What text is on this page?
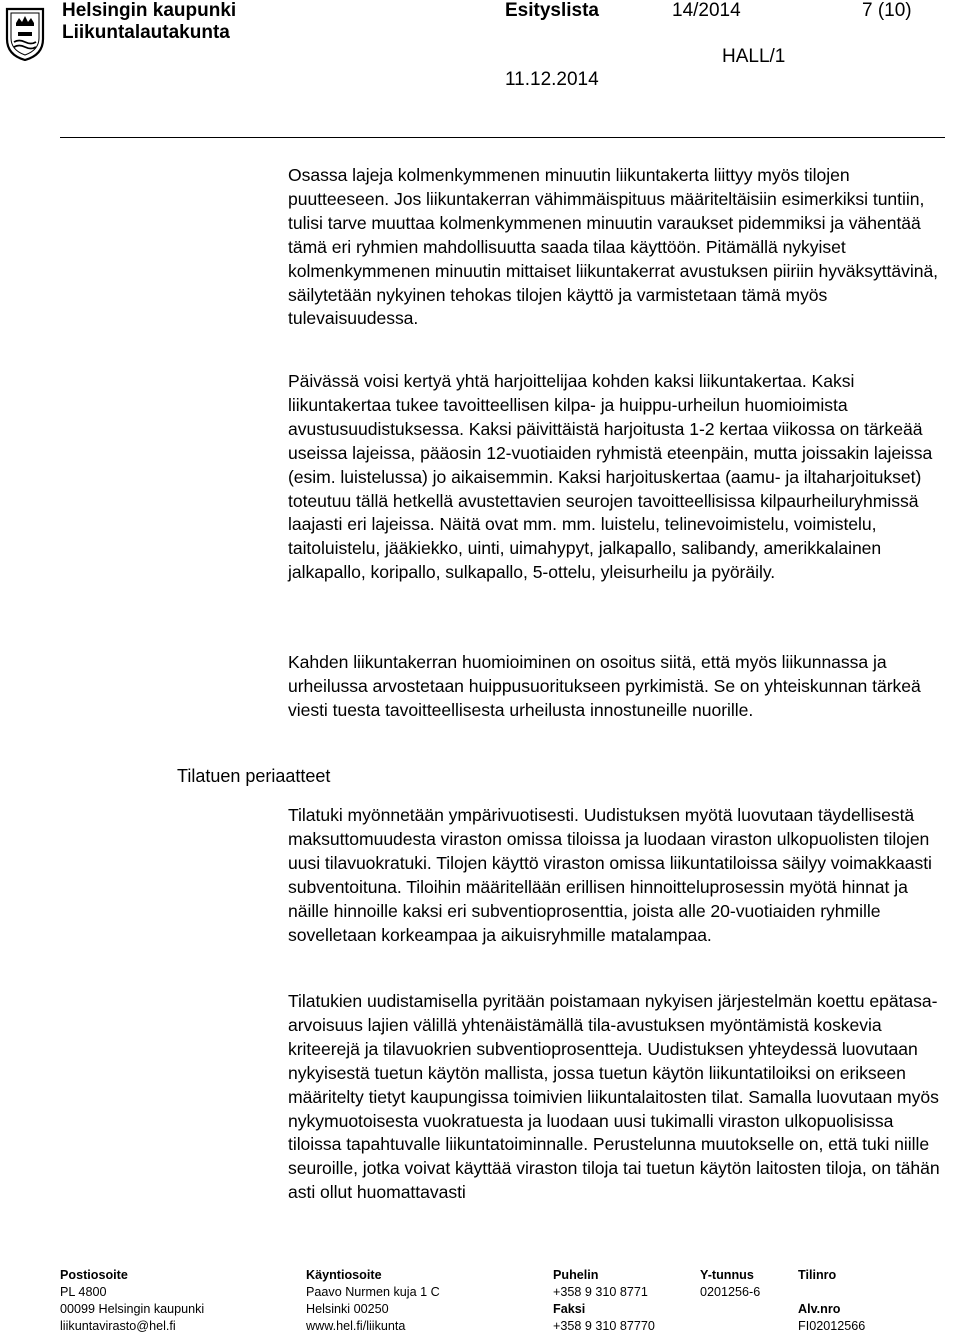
Helsingin kaupunki
Liikuntalautakunta
Esityslista	14/2014	7 (10)
HALL/1
11.12.2014
Tilatuen periaatteet

Osassa lajeja kolmenkymmenen minuutin liikuntakerta liittyy myös tilojen puutteeseen. Jos liikuntakerran vähimmäispituus määriteltäisiin esimerkiksi tuntiin, tulisi tarve muuttaa kolmenkymmenen minuutin varaukset pidemmiksi ja vähentää tämä eri ryhmien mahdollisuutta saada tilaa käyttöön. Pitämällä nykyiset kolmenkymmenen minuutin mittaiset liikuntakerrat avustuksen piiriin hyväksyttävinä, säilytetään nykyinen tehokas tilojen käyttö ja varmistetaan tämä myös tulevaisuudessa.

Päivässä voisi kertyä yhtä harjoittelijaa kohden kaksi liikuntakertaa. Kaksi liikuntakertaa tukee tavoitteellisen kilpa- ja huippu-urheilun huomioimista avustusuudistuksessa. Kaksi päivittäistä harjoitusta 1-2 kertaa viikossa on tärkeää useissa lajeissa, pääosin 12-vuotiaiden ryhmistä eteenpäin, mutta joissakin lajeissa (esim. luistelussa) jo aikaisemmin. Kaksi harjoituskertaa (aamu- ja iltaharjoitukset) toteutuu tällä hetkellä avustettavien seurojen tavoitteellisissa kilpaurheiluryhmissä laajasti eri lajeissa. Näitä ovat mm. mm. luistelu, telinevoimistelu, voimistelu, taitoluistelu, jääkiekko, uinti, uimahypyt, jalkapallo, salibandy, amerikkalainen jalkapallo, koripallo, sulkapallo, 5-ottelu, yleisurheilu ja pyöräily.

Kahden liikuntakerran huomioiminen on osoitus siitä, että myös liikunnassa ja urheilussa arvostetaan huippusuoritukseen pyrkimistä. Se on yhteiskunnan tärkeä viesti tuesta tavoitteellisesta urheilusta innostuneille nuorille.

Tilatuki myönnetään ympärivuotisesti. Uudistuksen myötä luovutaan täydellisestä maksuttomuudesta viraston omissa tiloissa ja luodaan viraston ulkopuolisten tilojen uusi tilavuokratuki. Tilojen käyttö viraston omissa liikuntatiloissa säilyy voimakkaasti subventoituna. Tiloihin määritellään erillisen hinnoitteluprosessin myötä hinnat ja näille hinnoille kaksi eri subventioprosenttia, joista alle 20-vuotiaiden ryhmille sovelletaan korkeampaa ja aikuisryhmille matalampaa.

Tilatukien uudistamisella pyritään poistamaan nykyisen järjestelmän koettu epätasa-arvoisuus lajien välillä yhtenäistämällä tila-avustuksen myöntämistä koskevia kriteerejä ja tilavuokrien subventioprosentteja. Uudistuksen yhteydessä luovutaan nykyisestä tuetun käytön mallista, jossa tuetun käytön liikuntatiloiksi on erikseen määritelty tietyt kaupungissa toimivien liikuntalaitosten tilat. Samalla luovutaan myös nykymuotoisesta vuokratuesta ja luodaan uusi tukimalli viraston ulkopuolisissa tiloissa tapahtuvalle liikuntatoiminnalle. Perustelunna muutokselle on, että tuki niille seuroille, jotka voivat käyttää viraston tiloja tai tuetun käytön laitosten tiloja, on tähän asti ollut huomattavasti

Postiosoite
PL 4800
00099 Helsingin kaupunki
liikuntavirasto@hel.fi
Käyntiosoite
Paavo Nurmen kuja 1 C
Helsinki 00250
www.hel.fi/liikunta
Puhelin
+358 9 310 8771
Faksi
+358 9 310 87770
Y-tunnus
0201256-6
Tilinro
Alv.nro
FI02012566
